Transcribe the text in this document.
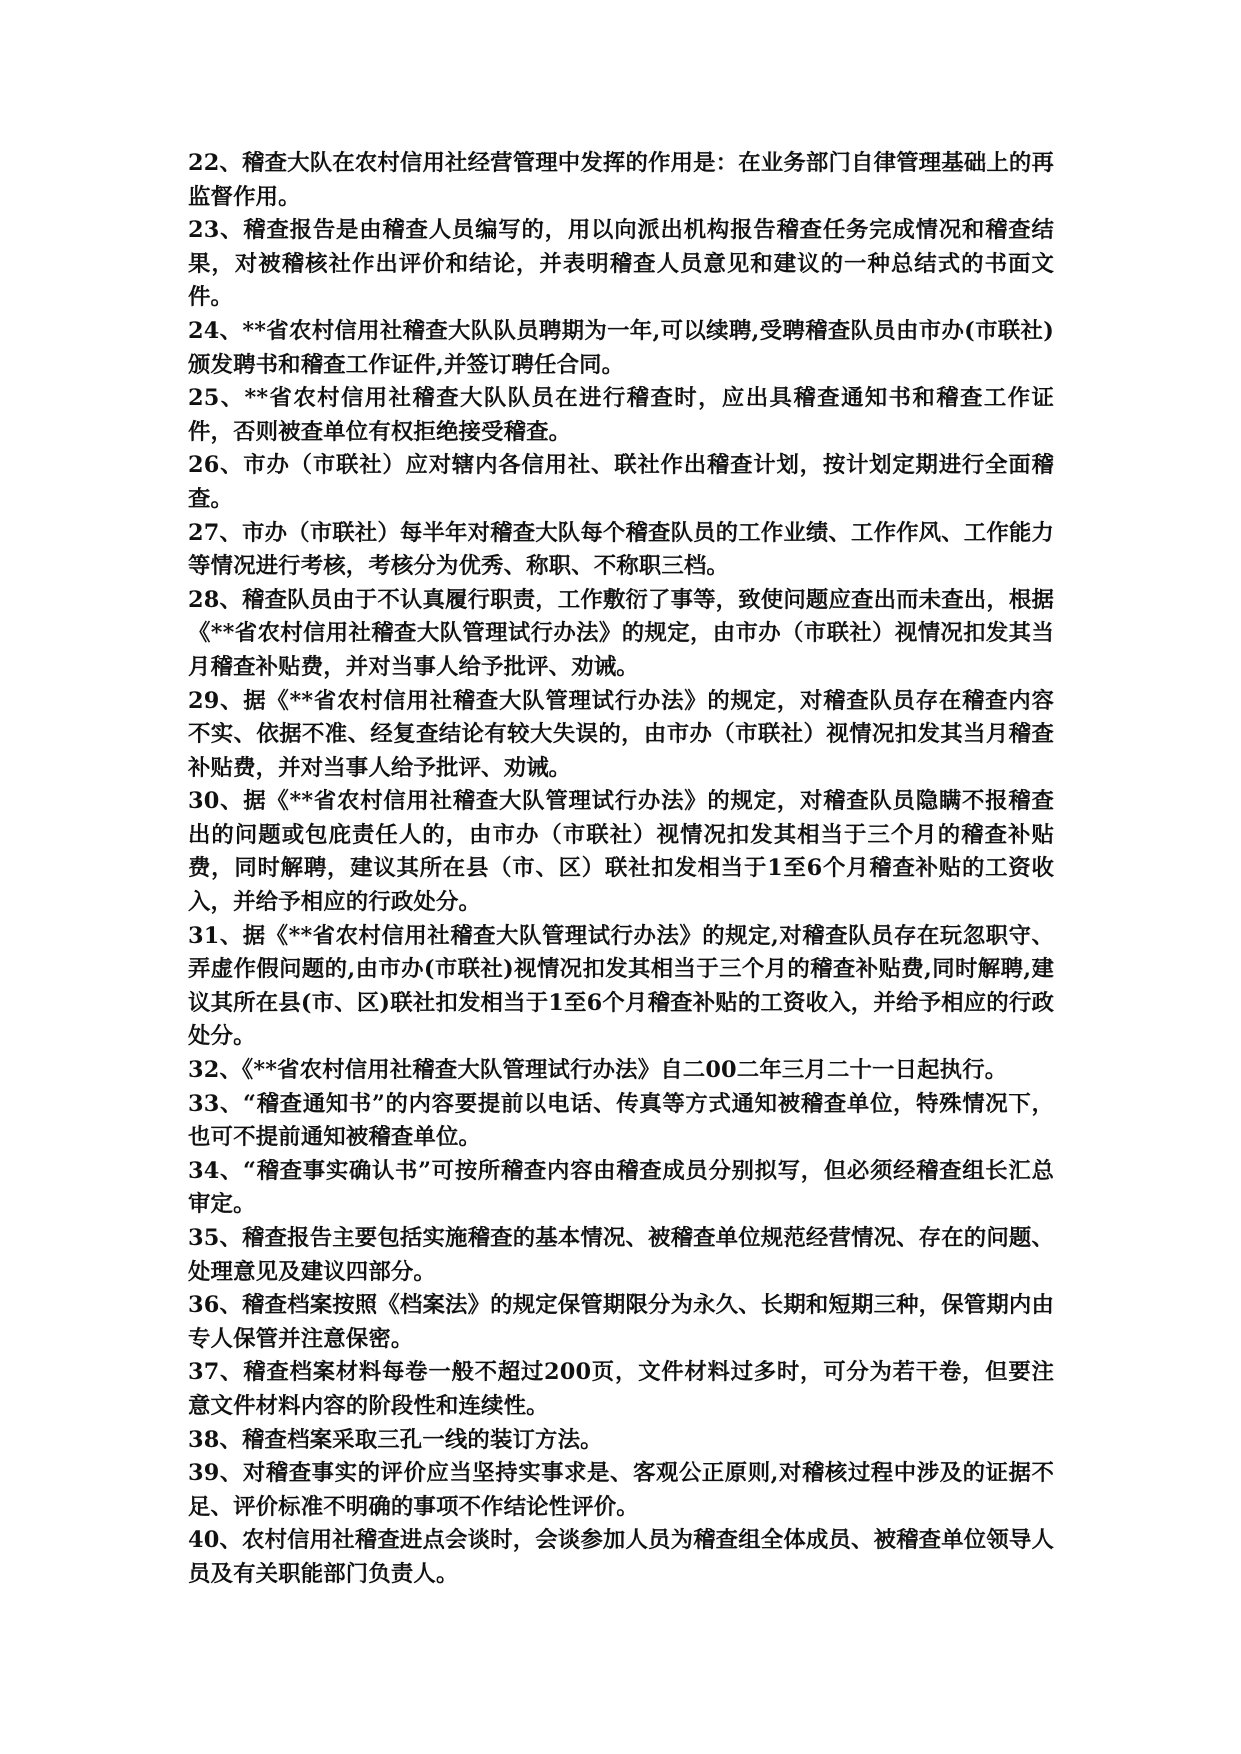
22、稽查大队在农村信用社经营管理中发挥的作用是：在业务部门自律管理基础上的再监督作用。

23、稽查报告是由稽查人员编写的，用以向派出机构报告稽查任务完成情况和稽查结果，对被稽核社作出评价和结论，并表明稽查人员意见和建议的一种总结式的书面文件。

24、**省农村信用社稽查大队队员聘期为一年,可以续聘,受聘稽查队员由市办(市联社)颁发聘书和稽查工作证件,并签订聘任合同。

25、**省农村信用社稽查大队队员在进行稽查时，应出具稽查通知书和稽查工作证件，否则被查单位有权拒绝接受稽查。

26、市办（市联社）应对辖内各信用社、联社作出稽查计划，按计划定期进行全面稽查。

27、市办（市联社）每半年对稽查大队每个稽查队员的工作业绩、工作作风、工作能力等情况进行考核，考核分为优秀、称职、不称职三档。

28、稽查队员由于不认真履行职责，工作敷衍了事等，致使问题应查出而未查出，根据《**省农村信用社稽查大队管理试行办法》的规定，由市办（市联社）视情况扣发其当月稽查补贴费，并对当事人给予批评、劝诫。

29、据《**省农村信用社稽查大队管理试行办法》的规定，对稽查队员存在稽查内容不实、依据不准、经复查结论有较大失误的，由市办（市联社）视情况扣发其当月稽查补贴费，并对当事人给予批评、劝诫。

30、据《**省农村信用社稽查大队管理试行办法》的规定，对稽查队员隐瞒不报稽查出的问题或包庇责任人的，由市办（市联社）视情况扣发其相当于三个月的稽查补贴费，同时解聘，建议其所在县（市、区）联社扣发相当于1至6个月稽查补贴的工资收入，并给予相应的行政处分。

31、据《**省农村信用社稽查大队管理试行办法》的规定,对稽查队员存在玩忽职守、弄虚作假问题的,由市办(市联社)视情况扣发其相当于三个月的稽查补贴费,同时解聘,建议其所在县(市、区)联社扣发相当于1至6个月稽查补贴的工资收入，并给予相应的行政处分。

32、《**省农村信用社稽查大队管理试行办法》自二00二年三月二十一日起执行。

33、“稽查通知书”的内容要提前以电话、传真等方式通知被稽查单位，特殊情况下，也可不提前通知被稽查单位。

34、“稽查事实确认书”可按所稽查内容由稽查成员分别拟写，但必须经稽查组长汇总审定。

35、稽查报告主要包括实施稽查的基本情况、被稽查单位规范经营情况、存在的问题、处理意见及建议四部分。

36、稽查档案按照《档案法》的规定保管期限分为永久、长期和短期三种，保管期内由专人保管并注意保密。

37、稽查档案材料每卷一般不超过200页，文件材料过多时，可分为若干卷，但要注意文件材料内容的阶段性和连续性。

38、稽查档案采取三孔一线的装订方法。

39、对稽查事实的评价应当坚持实事求是、客观公正原则,对稽核过程中涉及的证据不足、评价标准不明确的事项不作结论性评价。

40、农村信用社稽查进点会谈时，会谈参加人员为稽查组全体成员、被稽查单位领导人员及有关职能部门负责人。
